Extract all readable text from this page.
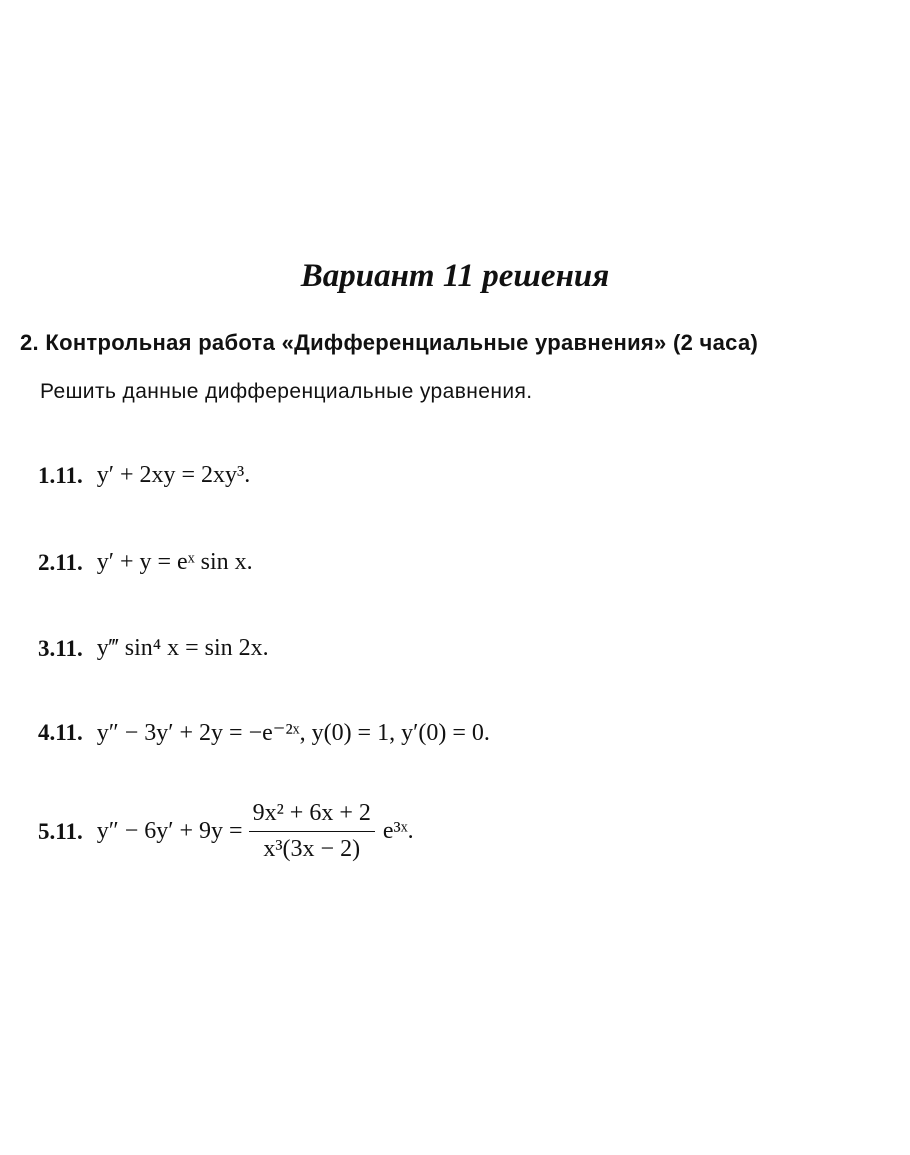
Вариант 11 решения
2. Контрольная работа «Дифференциальные уравнения» (2 часа)
Решить данные дифференциальные уравнения.
1.11. y′ + 2xy = 2xy³.
2.11. y′ + y = eˣ sin x.
3.11. y‴ sin⁴ x = sin 2x.
4.11. y″ − 3y′ + 2y = −e⁻²ˣ, y(0) = 1, y′(0) = 0.
5.11. $y'' - 6y' + 9y = \frac{\text{9x² + 6x + 2}}{\text{x³(3x − 2)}}$ e³ˣ.
